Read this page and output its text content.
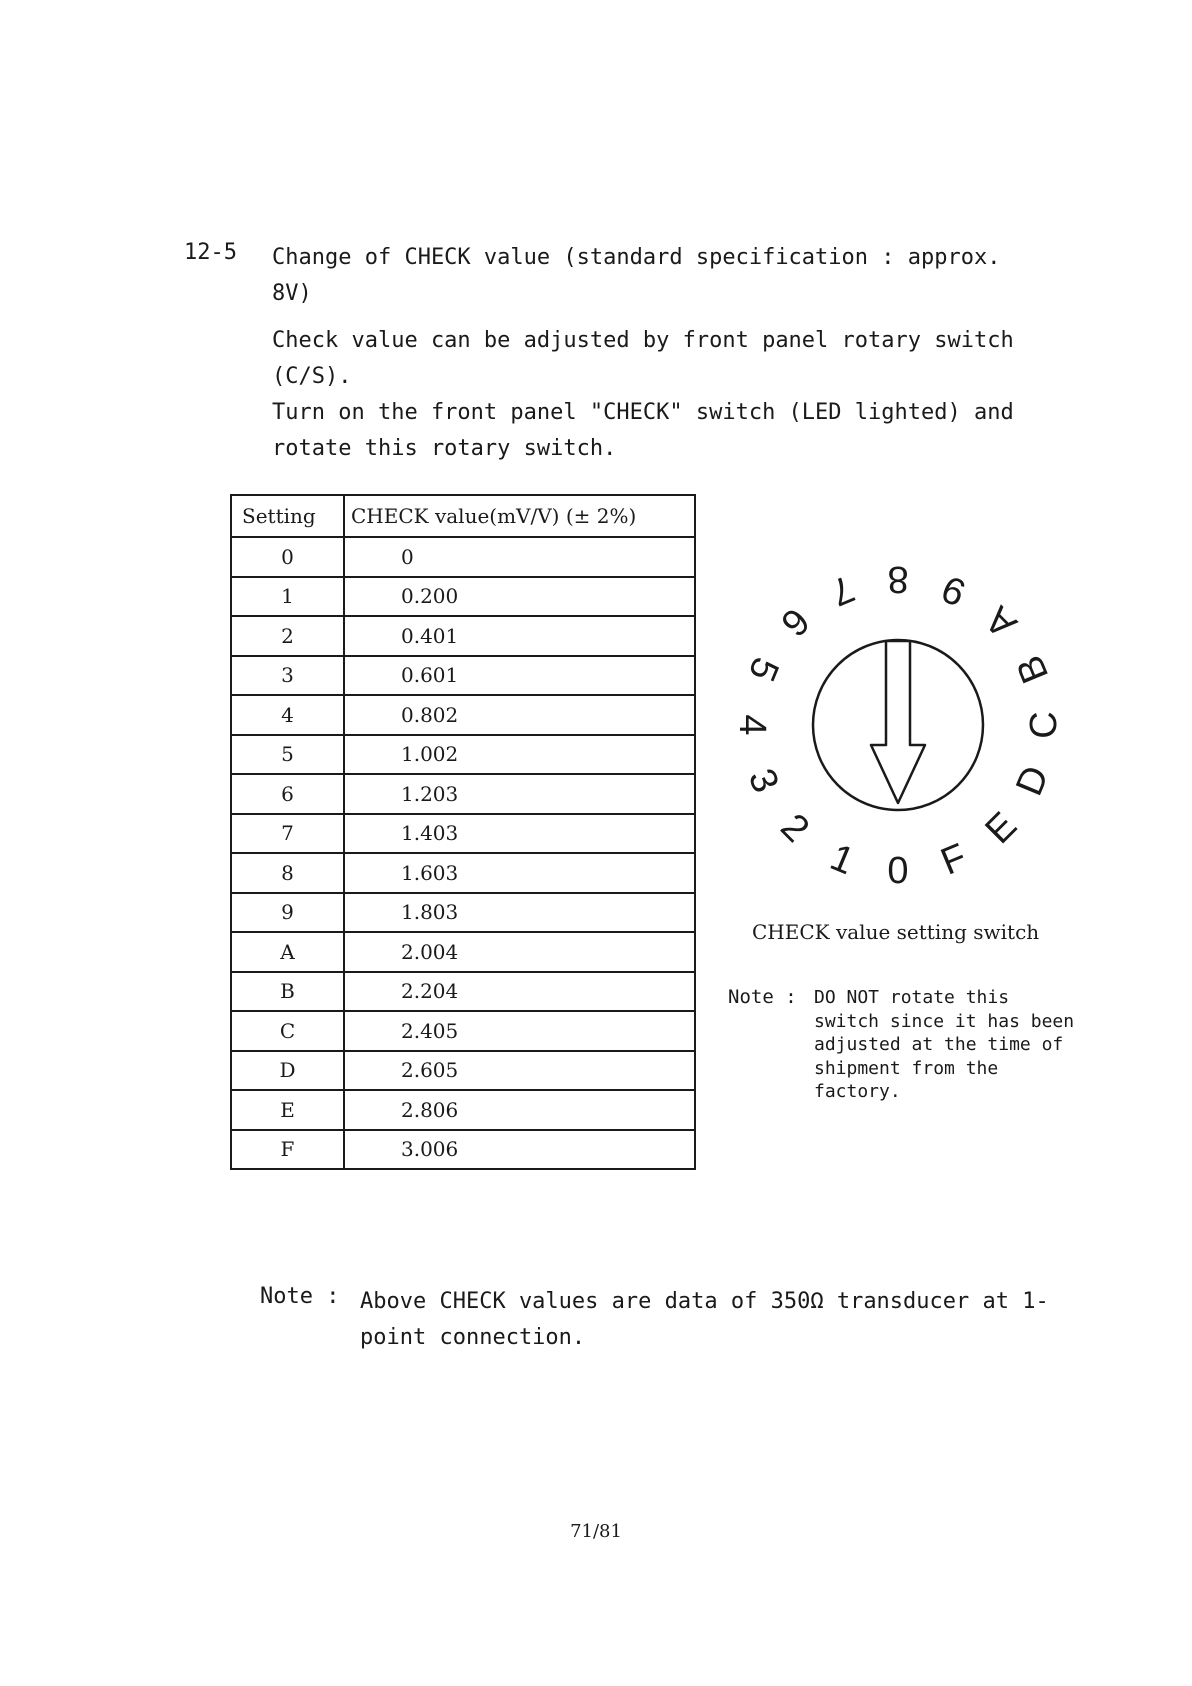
12-5 Change of CHECK value (standard specification : approx. 8V)
Check value can be adjusted by front panel rotary switch (C/S).
Turn on the front panel "CHECK" switch (LED lighted) and rotate this rotary switch.
Setting	CHECK value(mV/V) (± 2%)
0	0
1	0.200
2	0.401
3	0.601
4	0.802
5	1.002
6	1.203
7	1.403
8	1.603
9	1.803
A	2.004
B	2.204
C	2.405
D	2.605
E	2.806
F	3.006
0
1
2
3
4
5
6
7 8 9
A
B
C
D
E
F
CHECK value setting switch
Note : DO NOT rotate this switch since it has been adjusted at the time of shipment from the factory.
Note : Above CHECK values are data of 350Ω transducer at 1-point connection.
71/81
